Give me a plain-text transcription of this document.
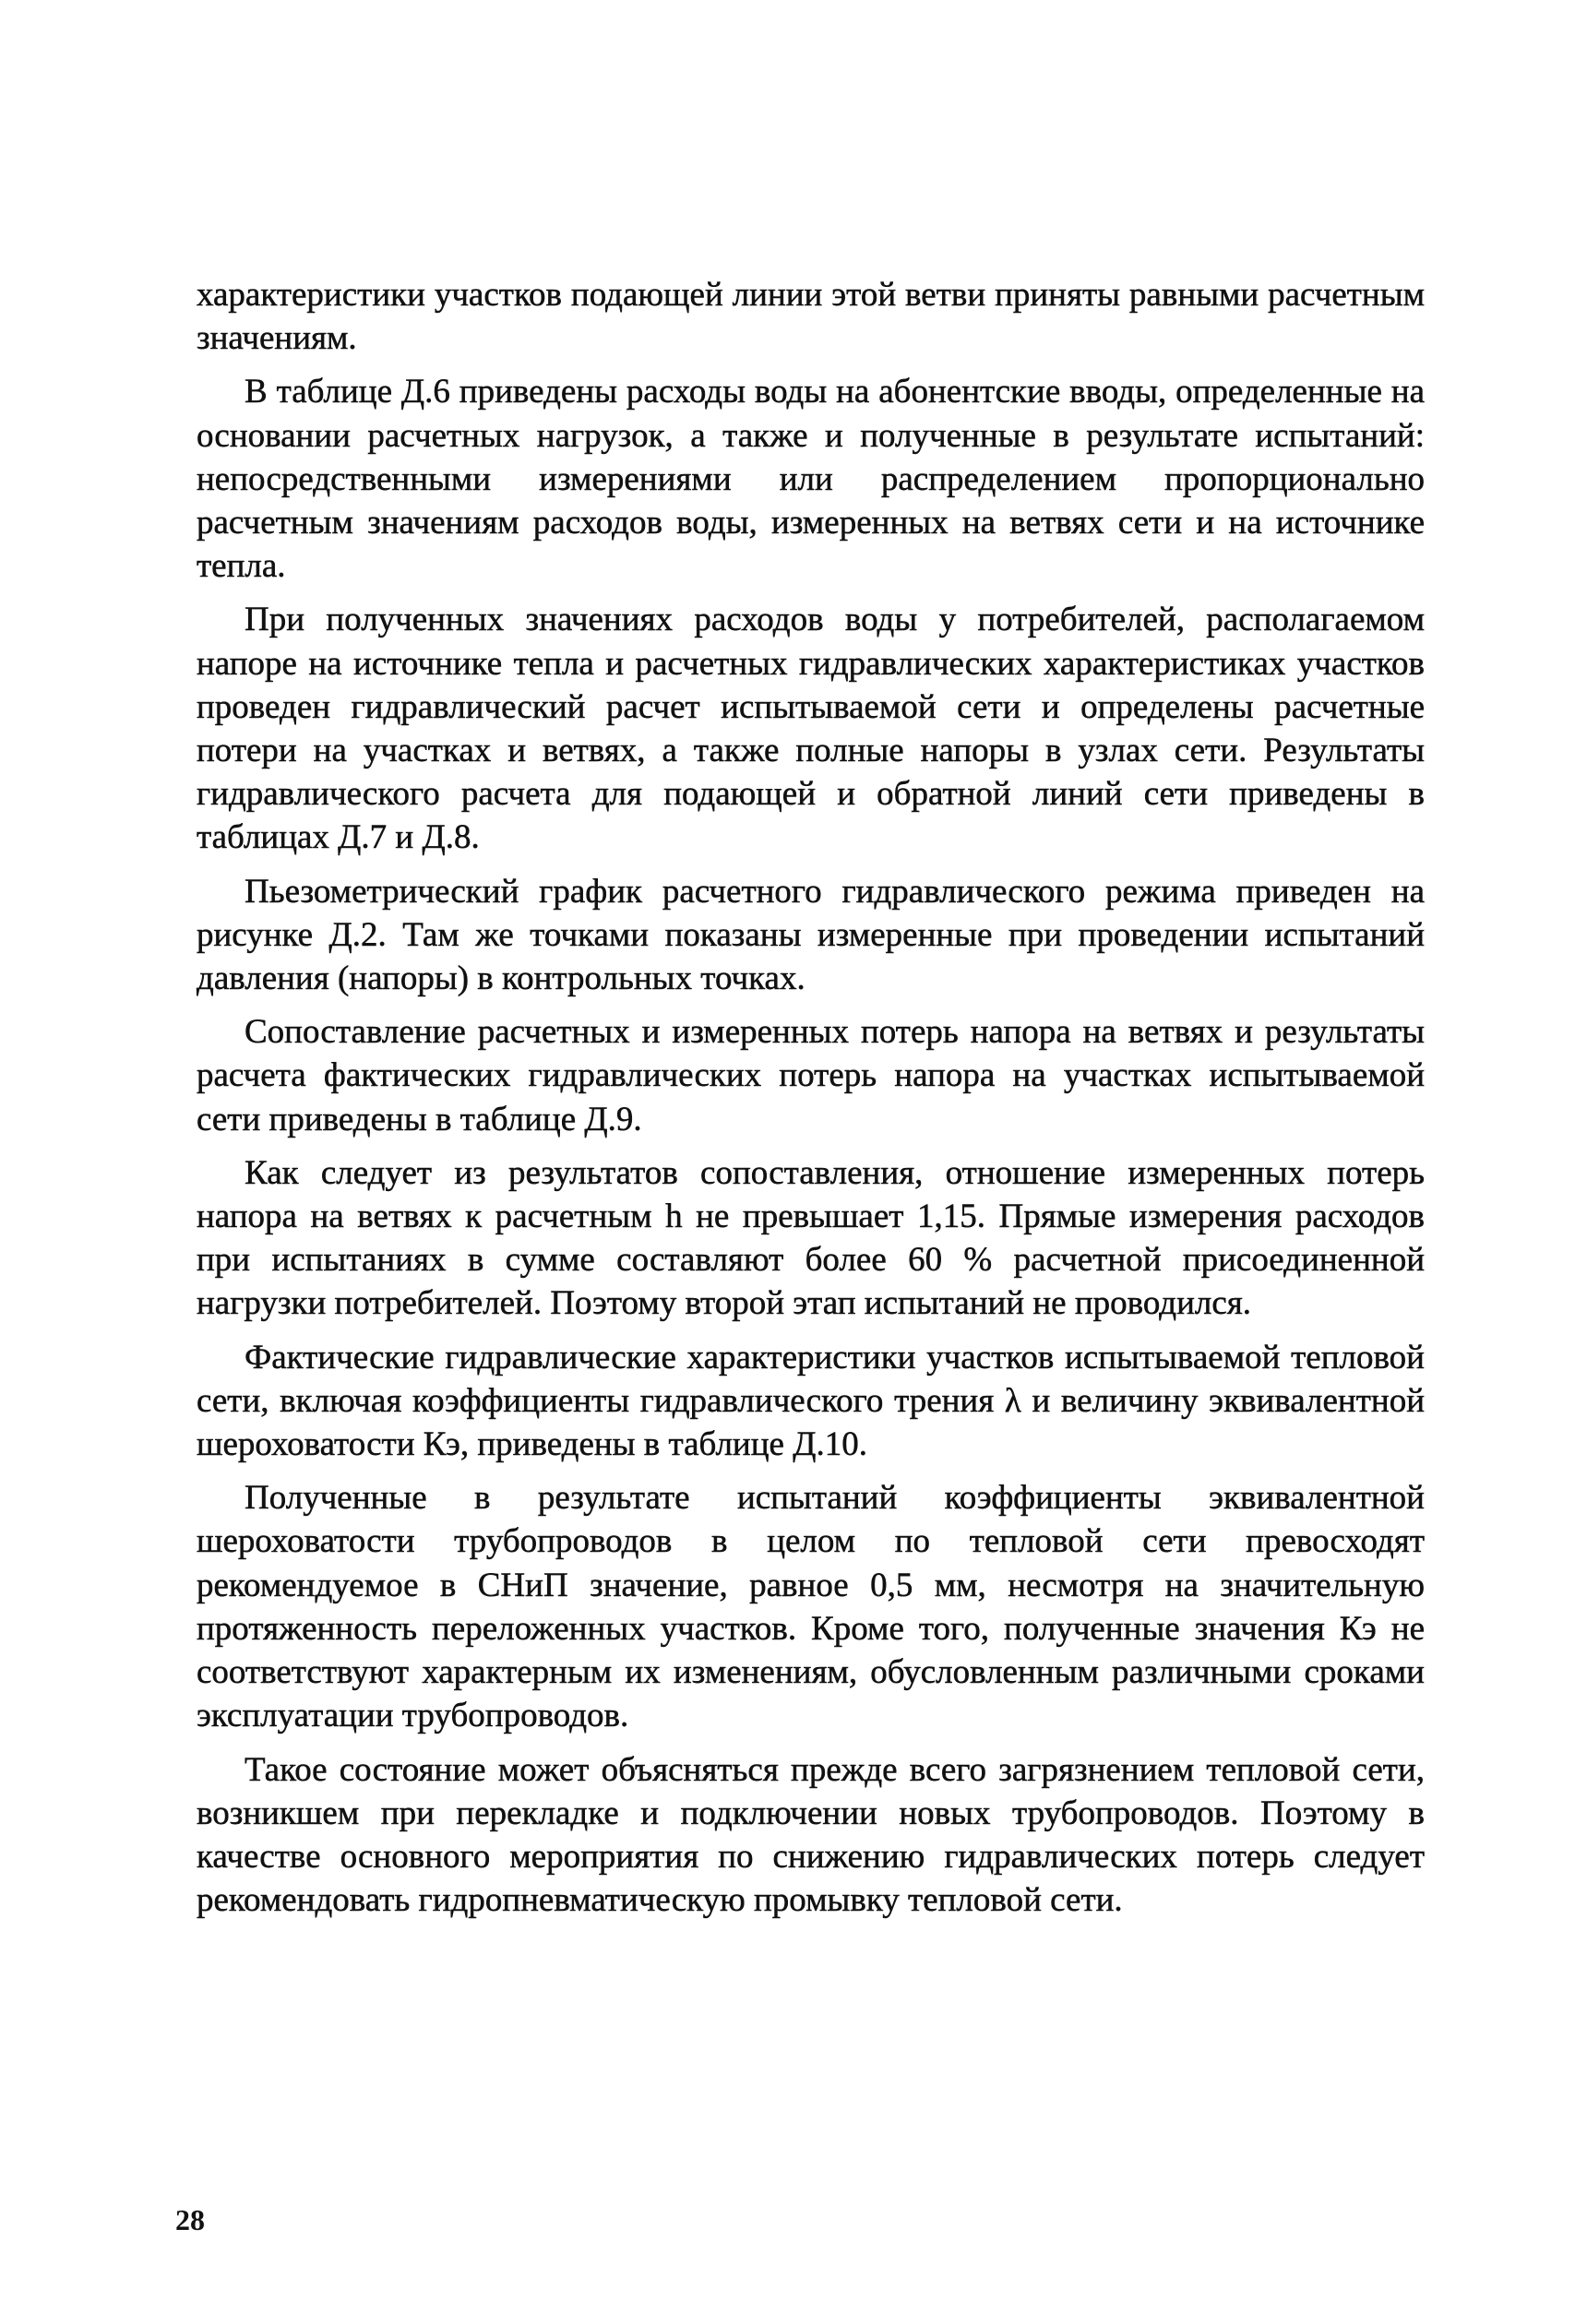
характеристики участков подающей линии этой ветви приняты равными расчетным значениям.

В таблице Д.6 приведены расходы воды на абонентские вводы, определенные на основании расчетных нагрузок, а также и полученные в результате испытаний: непосредственными измерениями или распределением пропорционально расчетным значениям расходов воды, измеренных на ветвях сети и на источнике тепла.

При полученных значениях расходов воды у потребителей, располагаемом напоре на источнике тепла и расчетных гидравлических характеристиках участков проведен гидравлический расчет испытываемой сети и определены расчетные потери на участках и ветвях, а также полные напоры в узлах сети. Результаты гидравлического расчета для подающей и обратной линий сети приведены в таблицах Д.7 и Д.8.

Пьезометрический график расчетного гидравлического режима приведен на рисунке Д.2. Там же точками показаны измеренные при проведении испытаний давления (напоры) в контрольных точках.

Сопоставление расчетных и измеренных потерь напора на ветвях и результаты расчета фактических гидравлических потерь напора на участках испытываемой сети приведены в таблице Д.9.

Как следует из результатов сопоставления, отношение измеренных потерь напора на ветвях к расчетным h не превышает 1,15. Прямые измерения расходов при испытаниях в сумме составляют более 60 % расчетной присоединенной нагрузки потребителей. Поэтому второй этап испытаний не проводился.

Фактические гидравлические характеристики участков испытываемой тепловой сети, включая коэффициенты гидравлического трения λ и величину эквивалентной шероховатости Кэ, приведены в таблице Д.10.

Полученные в результате испытаний коэффициенты эквивалентной шероховатости трубопроводов в целом по тепловой сети превосходят рекомендуемое в СНиП значение, равное 0,5 мм, несмотря на значительную протяженность переложенных участков. Кроме того, полученные значения Кэ не соответствуют характерным их изменениям, обусловленным различными сроками эксплуатации трубопроводов.

Такое состояние может объясняться прежде всего загрязнением тепловой сети, возникшем при перекладке и подключении новых трубопроводов. Поэтому в качестве основного мероприятия по снижению гидравлических потерь следует рекомендовать гидропневматическую промывку тепловой сети.

28
